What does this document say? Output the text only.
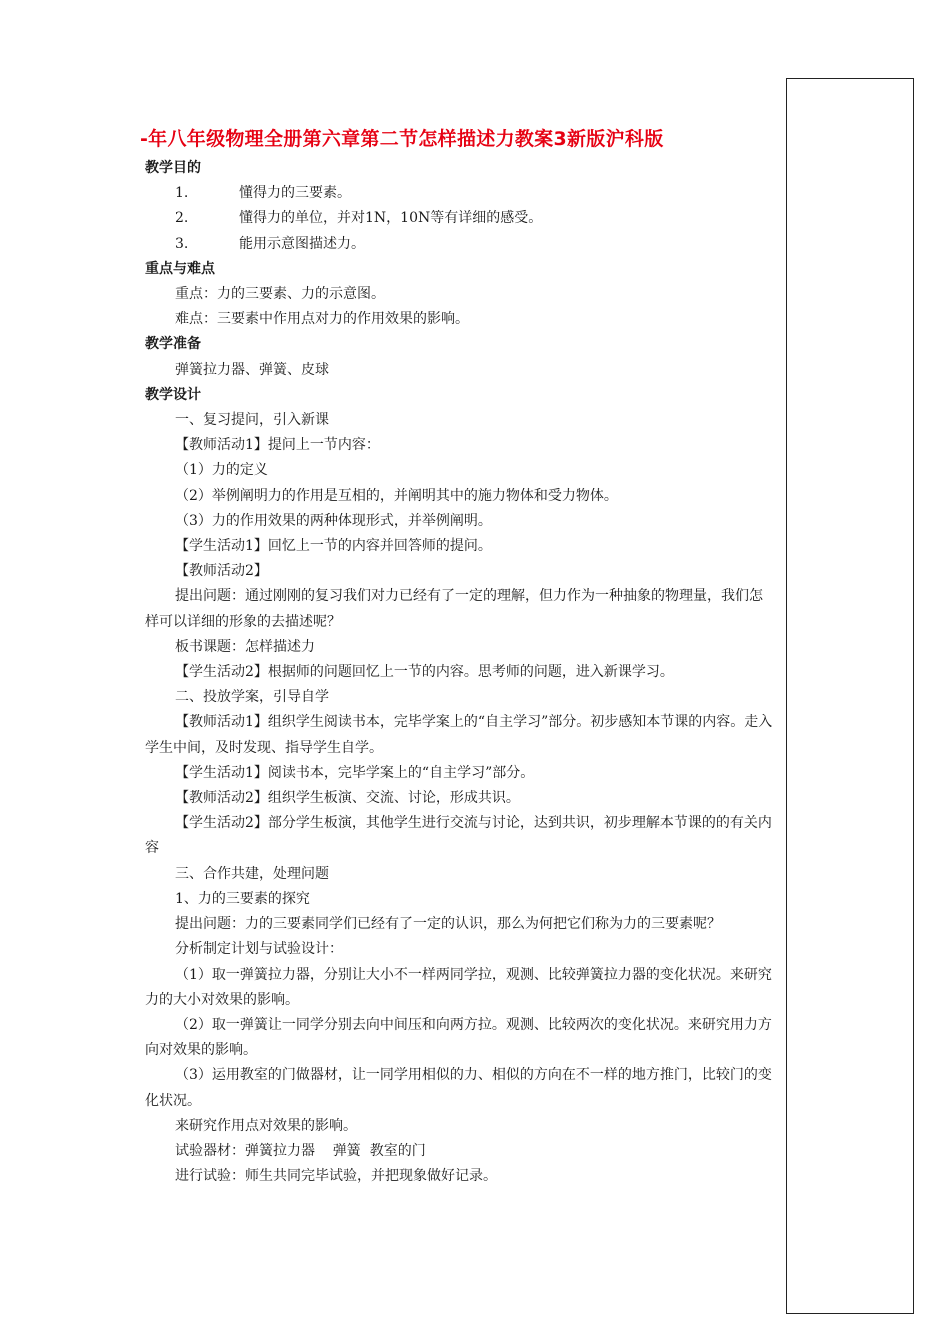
-年八年级物理全册第六章第二节怎样描述力教案3新版沪科版

教学目的

1.	懂得力的三要素。

2.	懂得力的单位，并对1N，10N等有详细的感受。

3.	能用示意图描述力。

重点与难点

重点：力的三要素、力的示意图。

难点：三要素中作用点对力的作用效果的影响。

教学准备

弹簧拉力器、弹簧、皮球

教学设计

一、复习提问，引入新课

【教师活动1】提问上一节内容：

（1）力的定义

（2）举例阐明力的作用是互相的，并阐明其中的施力物体和受力物体。

（3）力的作用效果的两种体现形式，并举例阐明。

【学生活动1】回忆上一节的内容并回答师的提问。

【教师活动2】

提出问题：通过刚刚的复习我们对力已经有了一定的理解，但力作为一种抽象的物理量，我们怎样可以详细的形象的去描述呢？

板书课题：怎样描述力

【学生活动2】根据师的问题回忆上一节的内容。思考师的问题，进入新课学习。

二、投放学案，引导自学

【教师活动1】组织学生阅读书本，完毕学案上的“自主学习”部分。初步感知本节课的内容。走入学生中间，及时发现、指导学生自学。

【学生活动1】阅读书本，完毕学案上的“自主学习”部分。

【教师活动2】组织学生板演、交流、讨论，形成共识。

【学生活动2】部分学生板演，其他学生进行交流与讨论，达到共识，初步理解本节课的的有关内容

三、合作共建，处理问题

1、力的三要素的探究

提出问题：力的三要素同学们已经有了一定的认识，那么为何把它们称为力的三要素呢？

分析制定计划与试验设计：

（1）取一弹簧拉力器，分别让大小不一样两同学拉，观测、比较弹簧拉力器的变化状况。来研究力的大小对效果的影响。

（2）取一弹簧让一同学分别去向中间压和向两方拉。观测、比较两次的变化状况。来研究用力方向对效果的影响。

（3）运用教室的门做器材，让一同学用相似的力、相似的方向在不一样的地方推门，比较门的变化状况。

来研究作用点对效果的影响。

试验器材：弹簧拉力器    弹簧  教室的门

进行试验：师生共同完毕试验，并把现象做好记录。
